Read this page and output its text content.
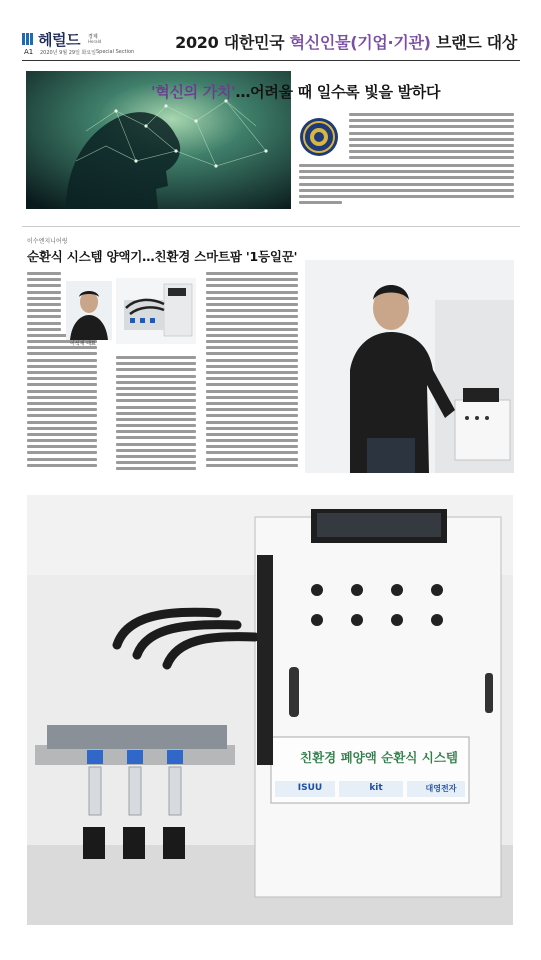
헤럴드 경제
Herald
A1 2020년 9월 29일 화요일 Special Section	2020 대한민국 혁신인물(기업·기관) 브랜드 대상
'혁신의 가치'…어려울 때 일수록 빛을 발하다
이수엔지니어링
순환식 시스템 양액기…친환경 스마트팜 '1등일꾼'
이석재 대표
친환경 폐양액 순환식 시스템
ISUU	kit	대영전자
